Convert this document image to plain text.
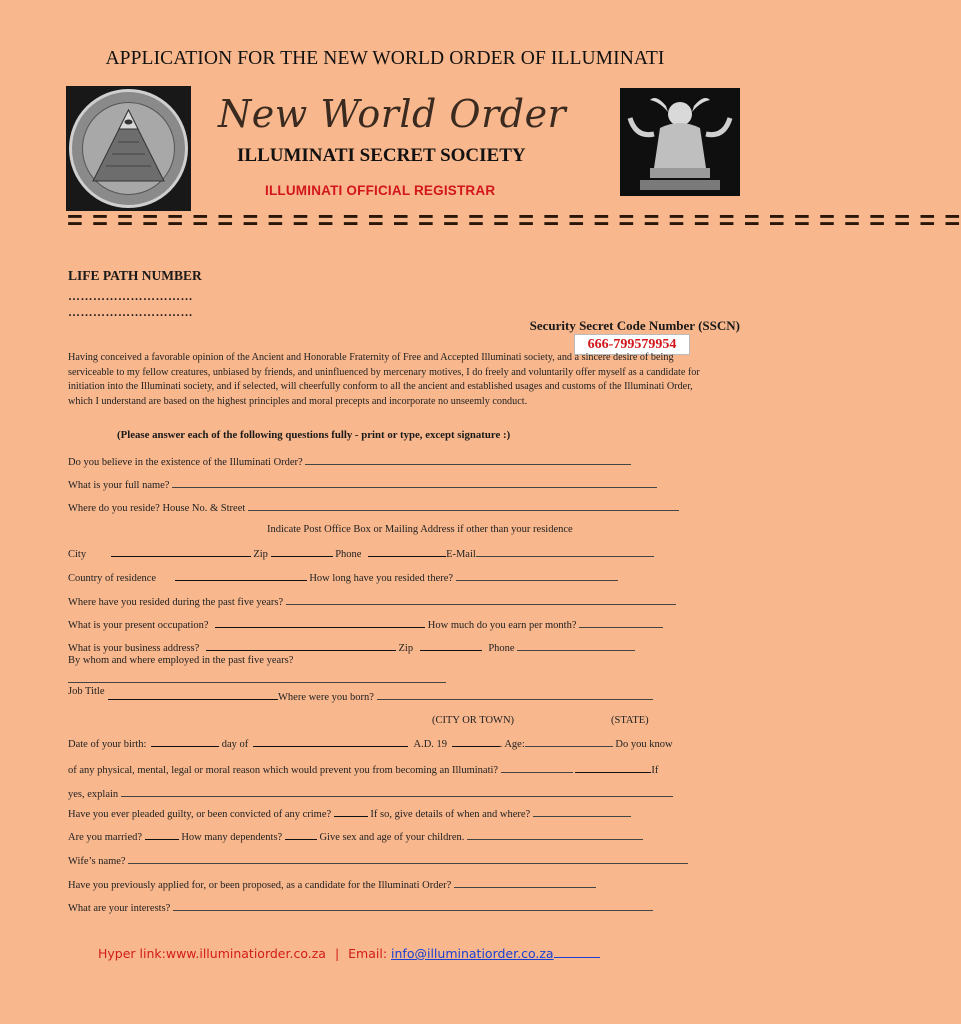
APPLICATION FOR THE NEW WORLD ORDER OF ILLUMINATI
New World Order
ILLUMINATI SECRET SOCIETY
ILLUMINATI OFFICIAL REGISTRAR
= = = = = = = = = = = = = = = = = = = = = = = = = = = = = = = = = = = =
LIFE PATH NUMBER
…………………………
…………………………
Security Secret Code Number (SSCN)
666-799579954
Having conceived a favorable opinion of the Ancient and Honorable Fraternity of Free and Accepted Illuminati society, and a sincere desire of being serviceable to my fellow creatures, unbiased by friends, and uninfluenced by mercenary motives, I do freely and voluntarily offer myself as a candidate for initiation into the Illuminati society, and if selected, will cheerfully conform to all the ancient and established usages and customs of the Illuminati Order, which I understand are based on the highest principles and moral precepts and incorporate no unseemly conduct.
(Please answer each of the following questions fully - print or type, except signature :)
Do you believe in the existence of the Illuminati Order?
What is your full name?
Where do you reside? House No. & Street
Indicate Post Office Box or Mailing Address if other than your residence
City	Zip	Phone	E-Mail
Country of residence	How long have you resided there?
Where have you resided during the past five years?
What is your present occupation?	How much do you earn per month?
What is your business address?	Zip	Phone
By whom and where employed in the past five years?
Job Title
Where were you born?
(CITY OR TOWN)	(STATE)
Date of your birth:	day of	A.D. 19	. Age:	Do you know
of any physical, mental, legal or moral reason which would prevent you from becoming an Illuminati?	If
yes, explain
Have you ever pleaded guilty, or been convicted of any crime?	If so, give details of when and where?
Are you married?	How many dependents?	Give sex and age of your children.
Wife’s name?
Have you previously applied for, or been proposed, as a candidate for the Illuminati Order?
What are your interests?
Hyper link:www.illuminatiorder.co.za | Email: info@illuminatiorder.co.za
